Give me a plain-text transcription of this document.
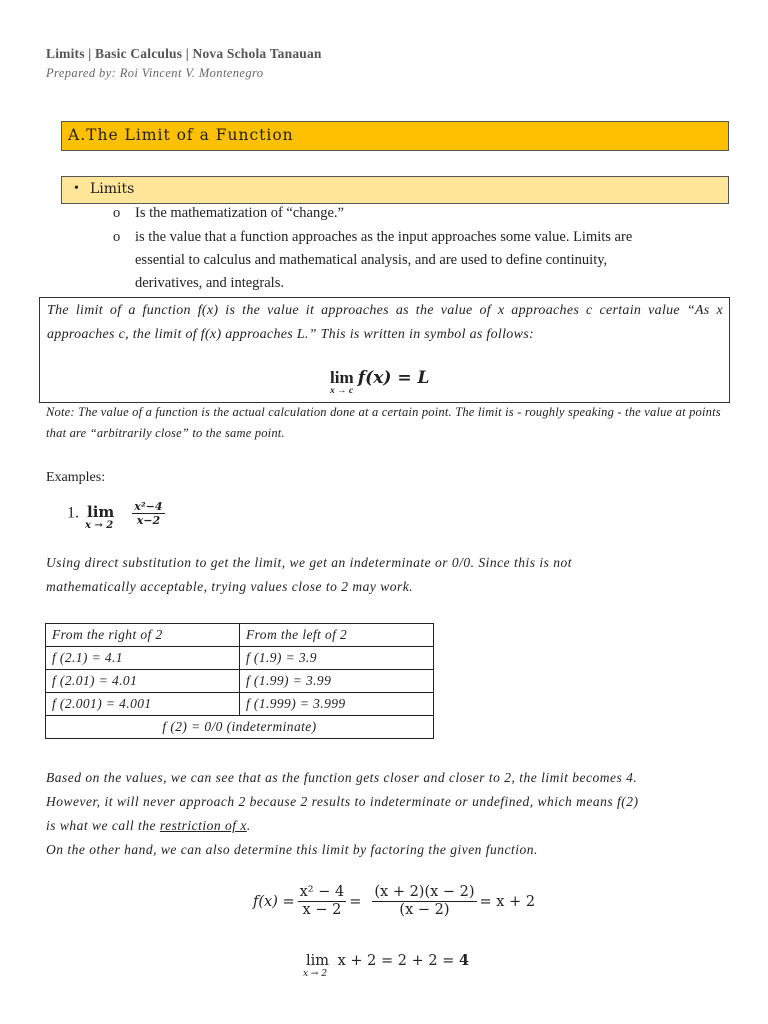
Limits | Basic Calculus | Nova Schola Tanauan
Prepared by: Roi Vincent V. Montenegro
A.The Limit of a Function
• Limits
o Is the mathematization of “change.”
o is the value that a function approaches as the input approaches some value. Limits are
essential to calculus and mathematical analysis, and are used to define continuity,
derivatives, and integrals.
The limit of a function f(x) is the value it approaches as the value of x approaches c certain value “As x approaches c, the limit of f(x) approaches L.” This is written in symbol as follows:
lim
x → c
f(x) = L
Note: The value of a function is the actual calculation done at a certain point. The limit is - roughly speaking - the value at points that are “arbitrarily close” to the same point.
Examples:
1. lim
x → 2
$\frac{\text{x²−4}}{x-2}$
Using direct substitution to get the limit, we get an indeterminate or 0/0. Since this is not
mathematically acceptable, trying values close to 2 may work.
From the right of 2	From the left of 2
f (2.1) = 4.1	f (1.9) = 3.9
f (2.01) = 4.01	f (1.99) = 3.99
f (2.001) = 4.001	f (1.999) = 3.999
f (2) = 0/0 (indeterminate)	
Based on the values, we can see that as the function gets closer and closer to 2, the limit becomes 4.
However, it will never approach 2 because 2 results to indeterminate or undefined, which means f(2)
is what we call the restriction of x.
On the other hand, we can also determine this limit by factoring the given function.
$f(x) = \frac{\text{x² − 4}}{x - 2} = \frac{(x + 2)(x - 2)}{(x - 2)} = x + 2$
lim
x → 2
x + 2 = 2 + 2 = 4
